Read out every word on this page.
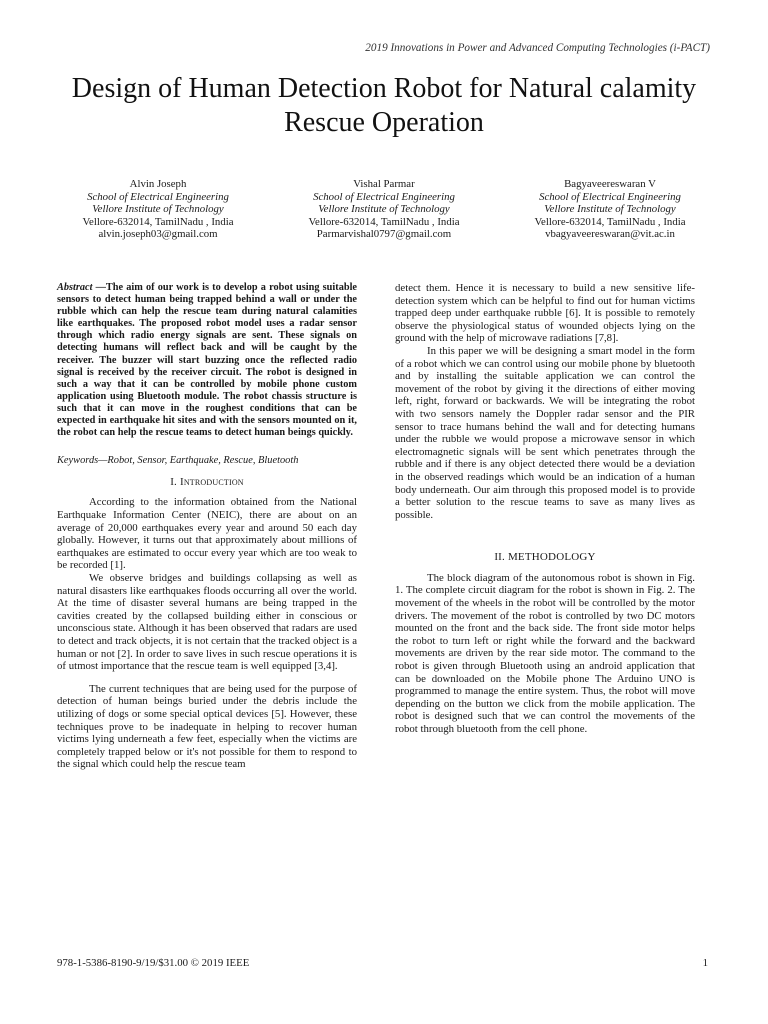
2019 Innovations in Power and Advanced Computing Technologies (i-PACT)
Design of Human Detection Robot for Natural calamity Rescue Operation
Alvin Joseph
School of Electrical Engineering
Vellore Institute of Technology
Vellore-632014, TamilNadu , India
alvin.joseph03@gmail.com
Vishal Parmar
School of Electrical Engineering
Vellore Institute of Technology
Vellore-632014, TamilNadu , India
Parmarvishal0797@gmail.com
Bagyaveereswaran V
School of Electrical Engineering
Vellore Institute of Technology
Vellore-632014, TamilNadu , India
vbagyaveereswaran@vit.ac.in

Abstract —The aim of our work is to develop a robot using suitable sensors to detect human being trapped behind a wall or under the rubble which can help the rescue team during natural calamities like earthquakes. The proposed robot model uses a radar sensor through which radio energy signals are sent. These signals on detecting humans will reflect back and will be caught by the receiver. The buzzer will start buzzing once the reflected radio signal is received by the receiver circuit. The robot is designed in such a way that it can be controlled by mobile phone custom application using Bluetooth module. The robot chassis structure is such that it can move in the roughest conditions that can be expected in earthquake hit sites and with the sensors mounted on it, the robot can help the rescue teams to detect human beings quickly.

Keywords—Robot, Sensor, Earthquake, Rescue, Bluetooth

I. Introduction

According to the information obtained from the National Earthquake Information Center (NEIC), there are about on an average of 20,000 earthquakes every year and around 50 each day globally. However, it turns out that approximately about millions of earthquakes are estimated to occur every year which are too weak to be recorded [1].

We observe bridges and buildings collapsing as well as natural disasters like earthquakes floods occurring all over the world. At the time of disaster several humans are being trapped in the cavities created by the collapsed building either in conscious or unconscious state. Although it has been observed that radars are used to detect and track objects, it is not certain that the tracked object is a human or not [2]. In order to save lives in such rescue operations it is of utmost importance that the rescue team is well equipped [3,4].

The current techniques that are being used for the purpose of detection of human beings buried under the debris include the utilizing of dogs or some special optical devices [5]. However, these techniques prove to be inadequate in helping to recover human victims lying underneath a few feet, especially when the victims are completely trapped below or it's not possible for them to respond to the signal which could help the rescue team

detect them. Hence it is necessary to build a new sensitive life-detection system which can be helpful to find out for human victims trapped deep under earthquake rubble [6]. It is possible to remotely observe the physiological status of wounded objects lying on the ground with the help of microwave radiations [7,8].

In this paper we will be designing a smart model in the form of a robot which we can control using our mobile phone by bluetooth and by installing the suitable application we can control the movement of the robot by giving it the directions of either moving left, right, forward or backwards. We will be integrating the robot with two sensors namely the Doppler radar sensor and the PIR sensor to trace humans behind the wall and for detecting humans under the rubble we would propose a microwave sensor in which electromagnetic signals will be sent which penetrates through the rubble and if there is any object detected there would be a deviation in the observed readings which would be an indication of a human body underneath. Our aim through this proposed model is to provide a better solution to the rescue teams to save as many lives as possible.

II. METHODOLOGY

The block diagram of the autonomous robot is shown in Fig. 1. The complete circuit diagram for the robot is shown in Fig. 2. The movement of the wheels in the robot will be controlled by the motor drivers. The movement of the robot is controlled by two DC motors mounted on the front and the back side. The front side motor helps the robot to turn left or right while the forward and the backward movements are driven by the rear side motor. The command to the robot is given through Bluetooth using an android application that can be downloaded on the Mobile phone The Arduino UNO is programmed to manage the entire system. Thus, the robot will move depending on the button we click from the mobile application. The robot is designed such that we can control the movements of the robot through bluetooth from the cell phone.

978-1-5386-8190-9/19/$31.00 © 2019 IEEE	1
